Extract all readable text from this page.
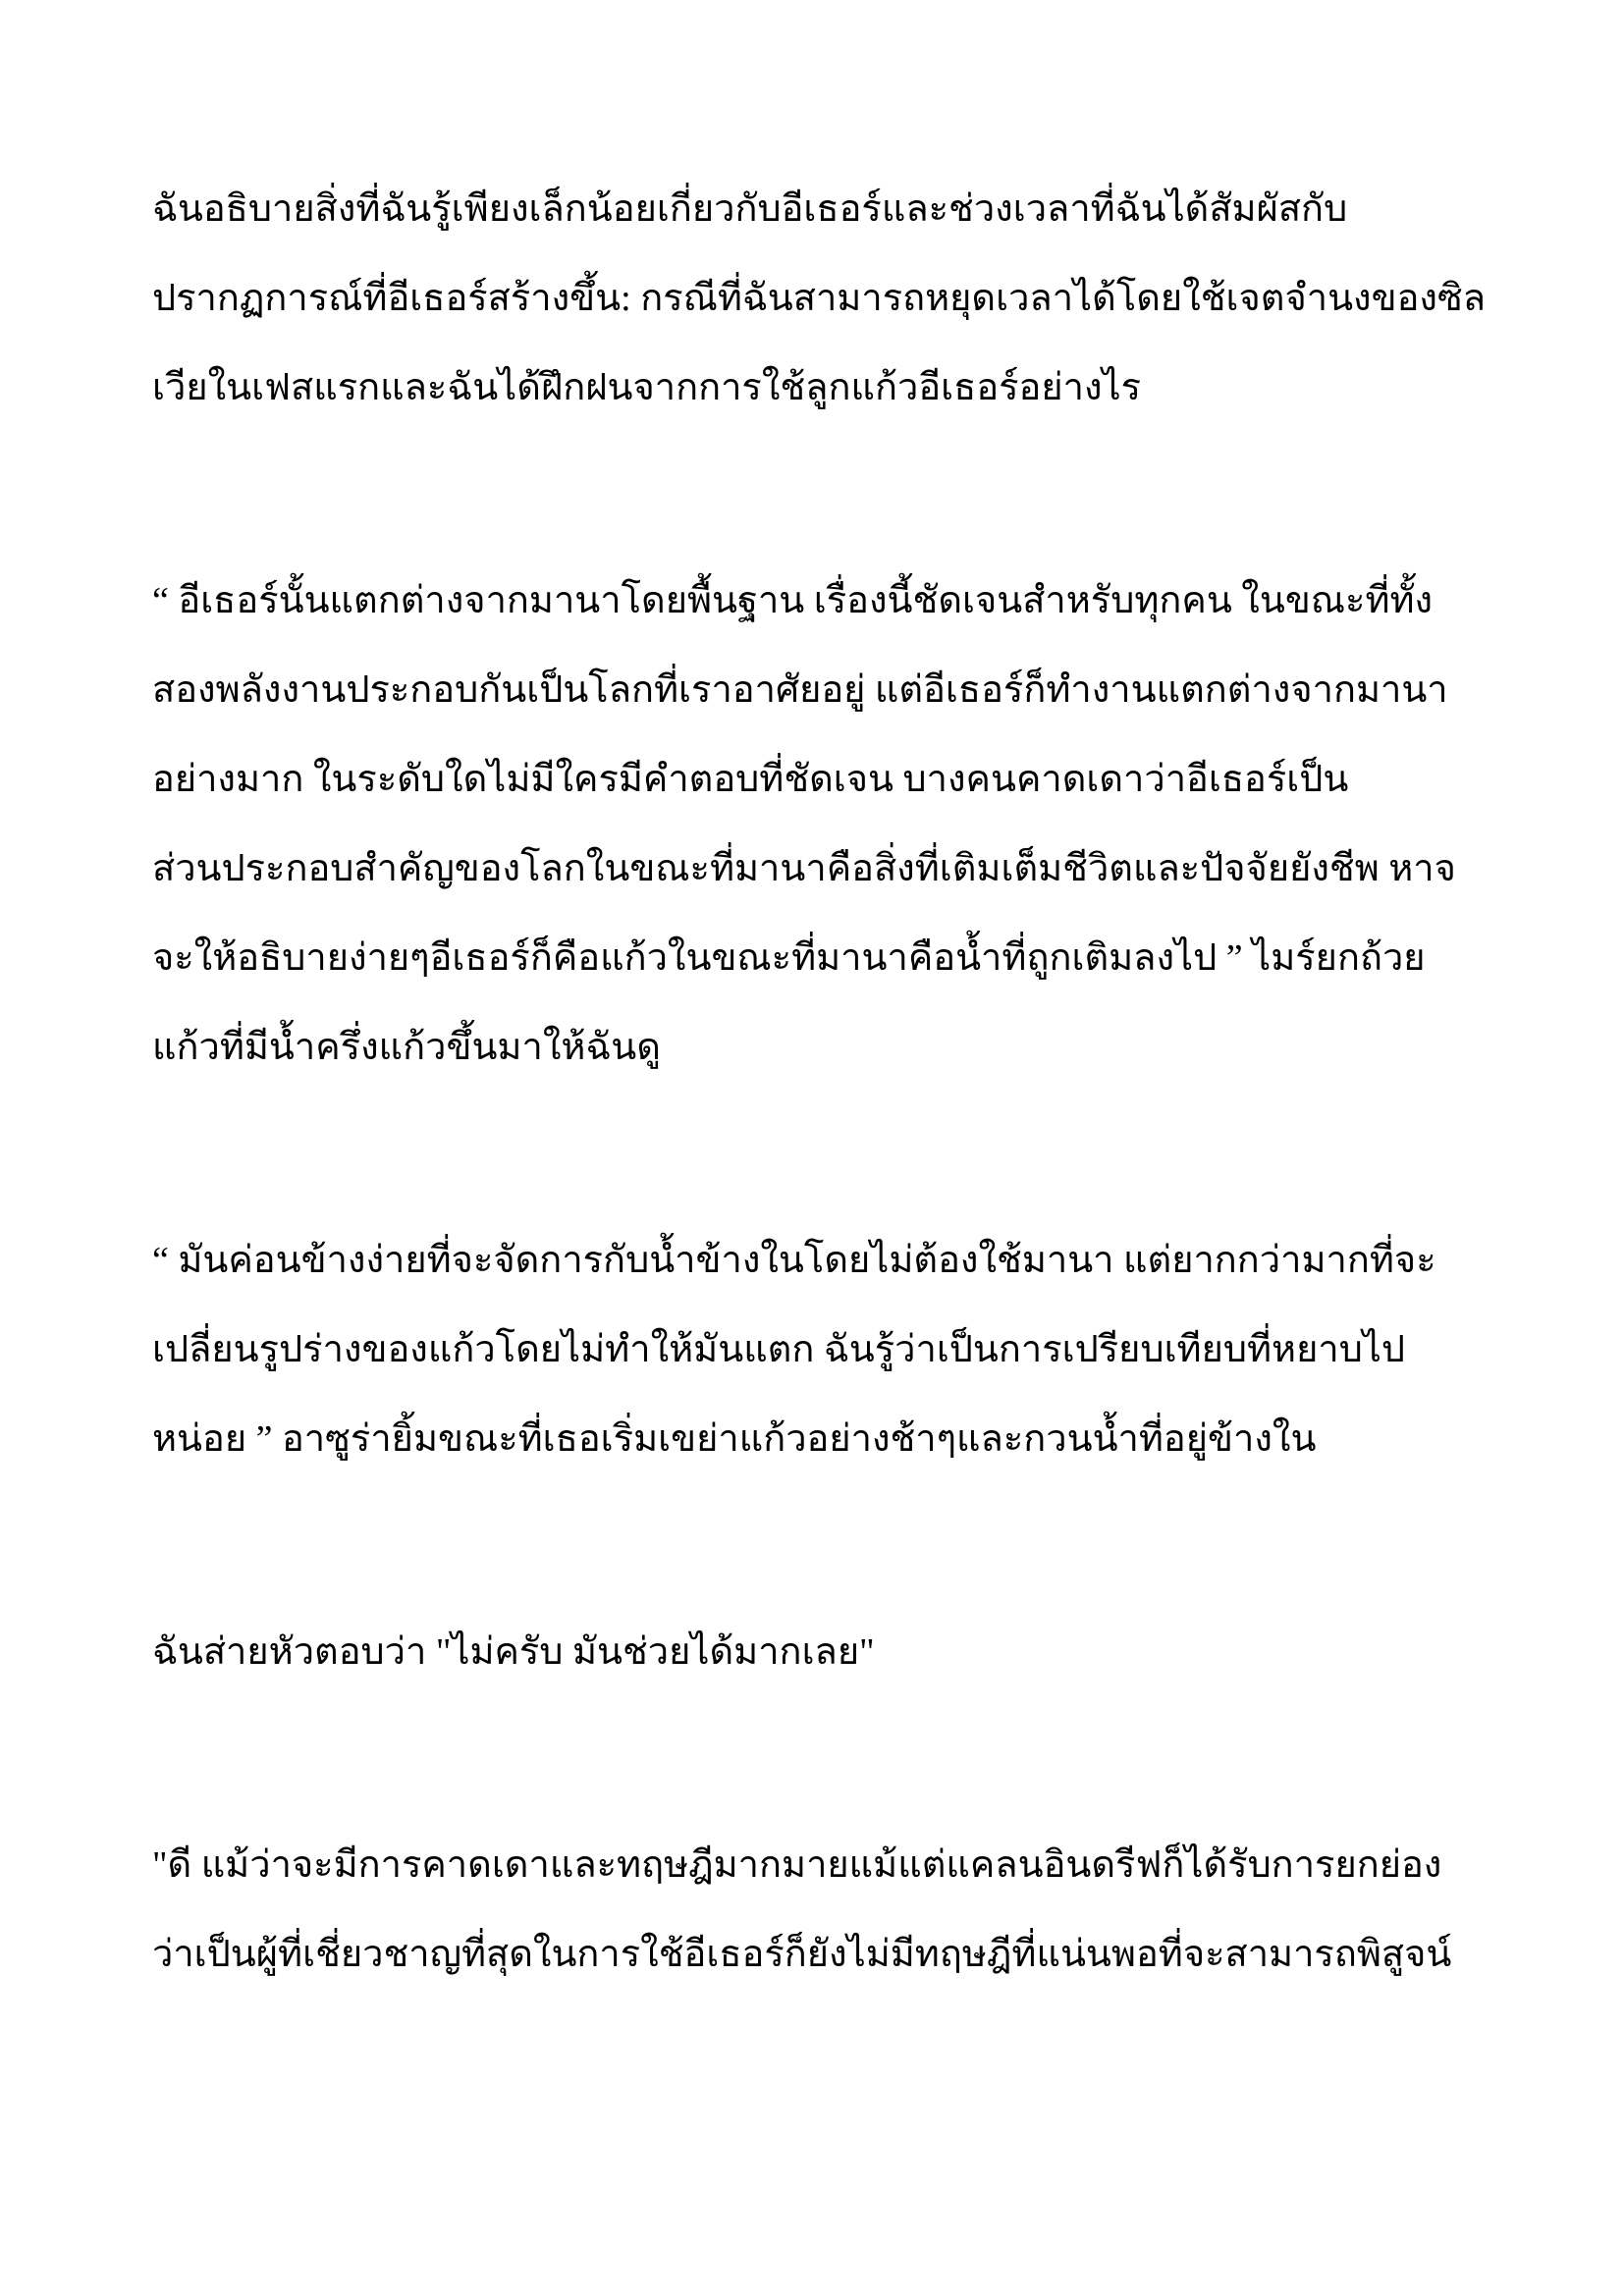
ฉันอธิบายสิ่งที่ฉันรู้เพียงเล็กน้อยเกี่ยวกับอีเธอร์และช่วงเวลาที่ฉันได้สัมผัสกับ
ปรากฏการณ์ที่อีเธอร์สร้างขึ้น: กรณีที่ฉันสามารถหยุดเวลาได้โดยใช้เจตจำนงของซิล
เวียในเฟสแรกและฉันได้ฝึกฝนจากการใช้ลูกแก้วอีเธอร์อย่างไร

“ อีเธอร์นั้นแตกต่างจากมานาโดยพื้นฐาน เรื่องนี้ชัดเจนสำหรับทุกคน ในขณะที่ทั้ง
สองพลังงานประกอบกันเป็นโลกที่เราอาศัยอยู่ แต่อีเธอร์ก็ทำงานแตกต่างจากมานา
อย่างมาก ในระดับใดไม่มีใครมีคำตอบที่ชัดเจน บางคนคาดเดาว่าอีเธอร์เป็น
ส่วนประกอบสำคัญของโลกในขณะที่มานาคือสิ่งที่เติมเต็มชีวิตและปัจจัยยังชีพ หาจ
จะให้อธิบายง่ายๆอีเธอร์ก็คือแก้วในขณะที่มานาคือน้ำที่ถูกเติมลงไป ” ไมร์ยกถ้วย
แก้วที่มีน้ำครึ่งแก้วขึ้นมาให้ฉันดู

“ มันค่อนข้างง่ายที่จะจัดการกับน้ำข้างในโดยไม่ต้องใช้มานา แต่ยากกว่ามากที่จะ
เปลี่ยนรูปร่างของแก้วโดยไม่ทำให้มันแตก ฉันรู้ว่าเป็นการเปรียบเทียบที่หยาบไป
หน่อย ” อาซูร่ายิ้มขณะที่เธอเริ่มเขย่าแก้วอย่างช้าๆและกวนน้ำที่อยู่ข้างใน

ฉันส่ายหัวตอบว่า "ไม่ครับ มันช่วยได้มากเลย"

"ดี แม้ว่าจะมีการคาดเดาและทฤษฎีมากมายแม้แต่แคลนอินดรีฟก็ได้รับการยกย่อง
ว่าเป็นผู้ที่เชี่ยวชาญที่สุดในการใช้อีเธอร์ก็ยังไม่มีทฤษฎีที่แน่นพอที่จะสามารถพิสูจน์
